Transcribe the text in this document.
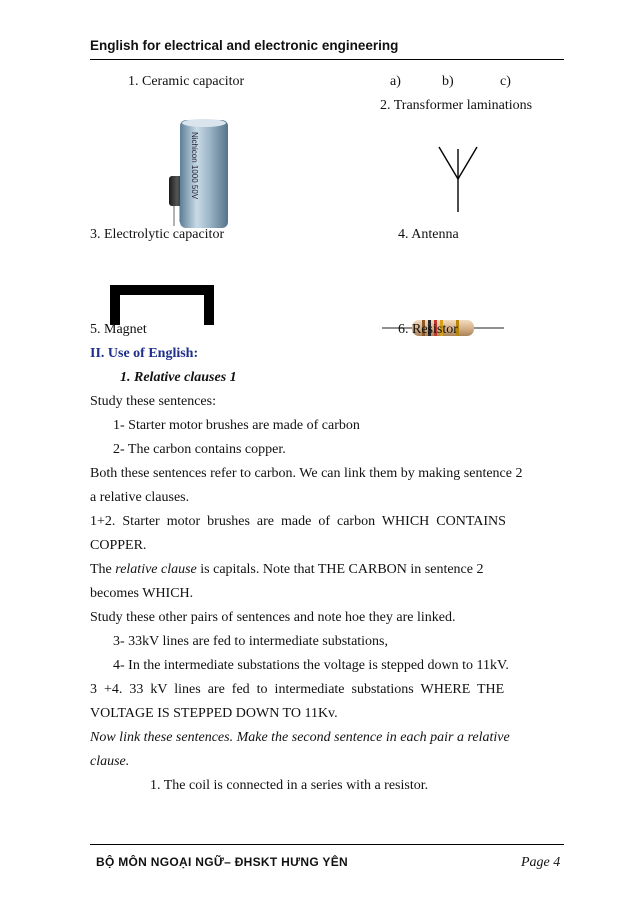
English for electrical and electronic engineering
1. Ceramic capacitor	a)	b)	c)
2. Transformer laminations
Nichicon 1000 50V
3. Electrolytic capacitor	4. Antenna
5. Magnet	6. Resistor
II. Use of English:
1. Relative clauses 1
Study these sentences:
1- Starter motor brushes are made of carbon
2- The carbon contains copper.
Both these sentences refer to carbon. We can link them by making sentence 2
a relative clauses.
1+2.  Starter  motor  brushes  are  made  of  carbon  WHICH  CONTAINS
COPPER.
The relative clause is capitals. Note that THE CARBON in sentence 2
becomes WHICH.
Study these other pairs of sentences and note hoe they are linked.
3- 33kV lines are fed to intermediate substations,
4- In the intermediate substations the voltage is stepped down to 11kV.
3  +4.  33  kV  lines  are  fed  to  intermediate  substations  WHERE  THE
VOLTAGE IS STEPPED DOWN TO 11Kv.
Now link these sentences. Make the second sentence in each pair a relative
clause.
1. The coil is connected in a series with a resistor.
BỘ MÔN NGOẠI NGỮ– ĐHSKT HƯNG YÊN	Page 4
